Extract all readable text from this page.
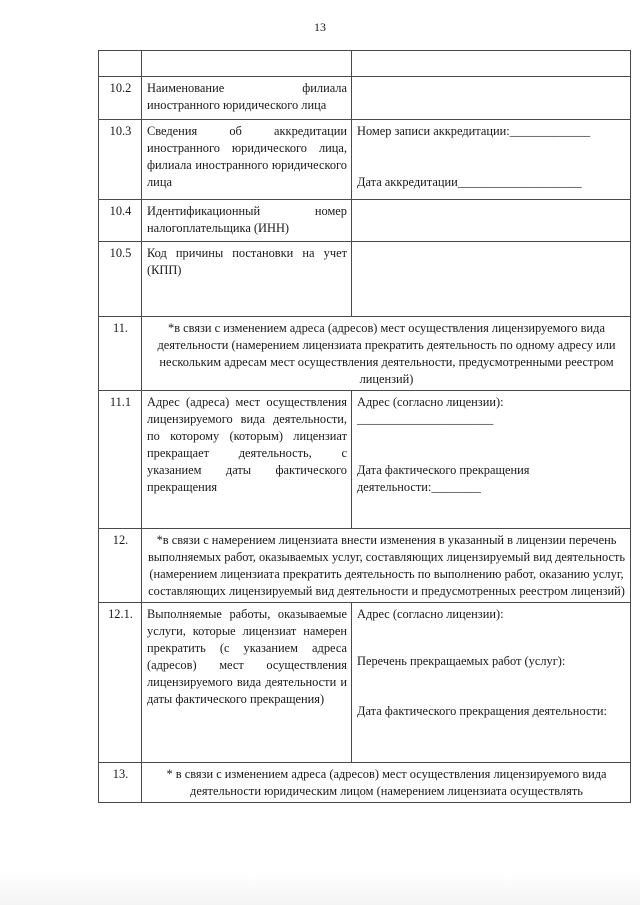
13

10.2	Наименование филиала иностранного юридического лица	
10.3	Сведения об аккредитации иностранного юридического лица, филиала иностранного юридического лица	Номер записи аккредитации:_____________
Дата аккредитации____________________

10.4	Идентификационный номер налогоплательщика (ИНН)	
10.5	Код причины постановки на учет (КПП)	
11.	*в связи с изменением адреса (адресов) мест осуществления лицензируемого вида деятельности (намерением лицензиата прекратить деятельность по одному адресу или нескольким адресам мест осуществления деятельности, предусмотренными реестром лицензий)	
11.1	Адрес (адреса) мест осуществления лицензируемого вида деятельности, по которому (которым) лицензиат прекращает деятельность, с указанием даты фактического прекращения	Адрес (согласно лицензии):
______________________
Дата фактического прекращения
деятельности:________

12.	*в связи с намерением лицензиата внести изменения в указанный в лицензии перечень выполняемых работ, оказываемых услуг, составляющих лицензируемый вид деятельность (намерением лицензиата прекратить деятельность по выполнению работ, оказанию услуг, составляющих лицензируемый вид деятельности и предусмотренных реестром лицензий)	
12.1.	Выполняемые работы, оказываемые услуги, которые лицензиат намерен прекратить (с указанием адреса (адресов) мест осуществления лицензируемого вида деятельности и даты фактического прекращения)	Адрес (согласно лицензии):
Перечень прекращаемых работ (услуг):
Дата фактического прекращения деятельности:

13.	* в связи с изменением адреса (адресов) мест осуществления лицензируемого вида деятельности юридическим лицом (намерением лицензиата осуществлять	
